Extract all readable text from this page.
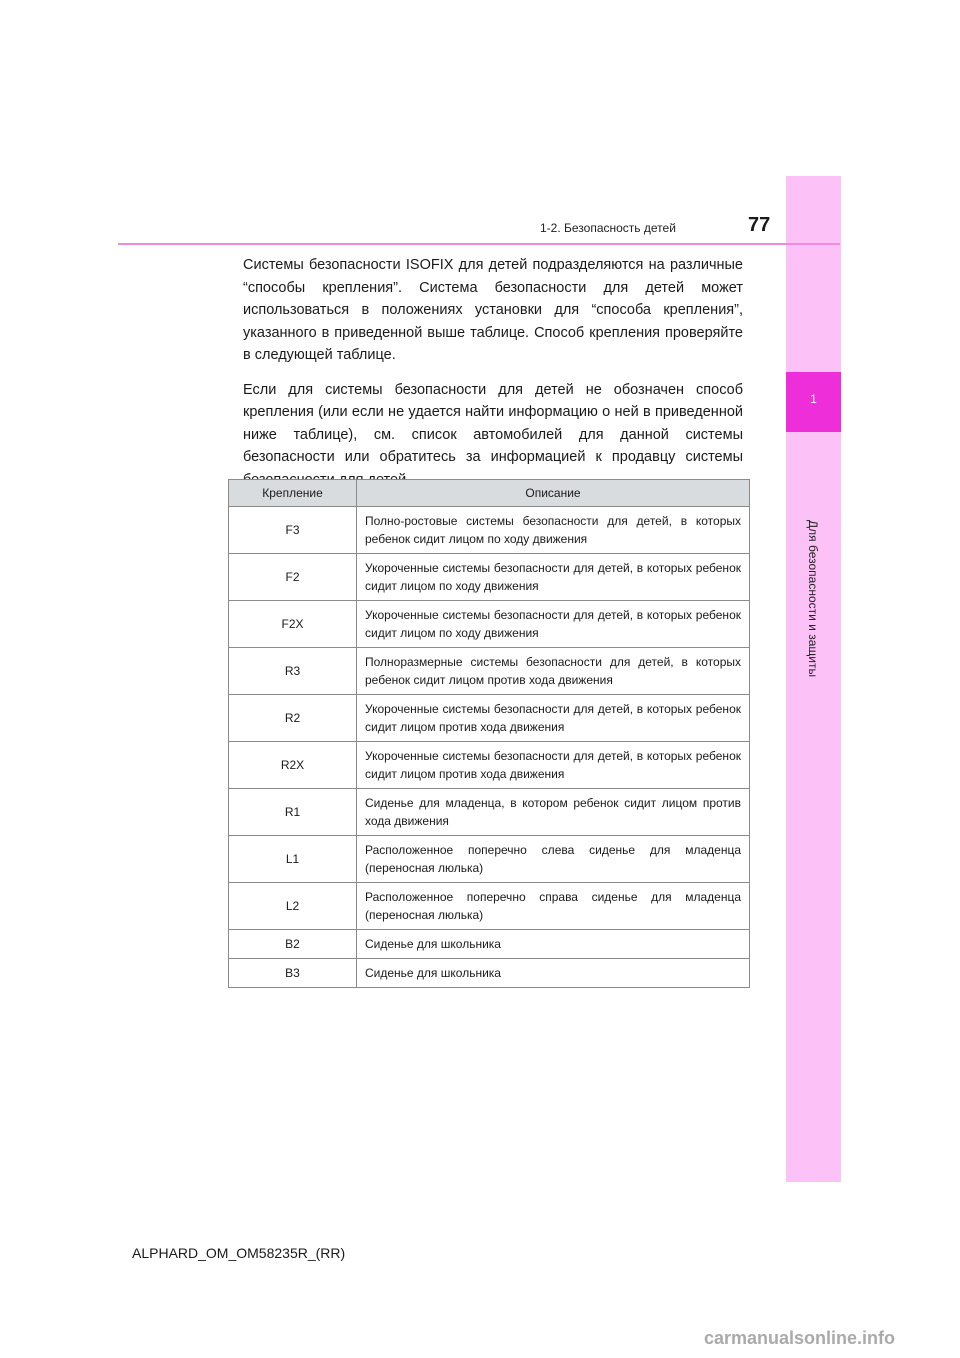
1
Для безопасности и защиты
77
1-2. Безопасность детей

Системы безопасности ISOFIX для детей подразделяются на различные “способы крепления”. Система безопасности для детей может использоваться в положениях установки для “способа крепления”, указанного в приведенной выше таблице. Способ крепления проверяйте в следующей таблице.

Если для системы безопасности для детей не обозначен способ крепления (или если не удается найти информацию о ней в приведенной ниже таблице), см. список автомобилей для данной системы безопасности или обратитесь за информацией к продавцу системы

Крепление	Описание
F3	Полно-ростовые системы безопасности для детей, в которых ребенок сидит лицом по ходу движения
F2	Укороченные системы безопасности для детей, в которых ребенок сидит лицом по ходу движения
F2X	Укороченные системы безопасности для детей, в которых ребенок сидит лицом по ходу движения
R3	Полноразмерные системы безопасности для детей, в которых ребенок сидит лицом против хода движения
R2	Укороченные системы безопасности для детей, в которых ребенок сидит лицом против хода движения
R2X	Укороченные системы безопасности для детей, в которых ребенок сидит лицом против хода движения
R1	Сиденье для младенца, в котором ребенок сидит лицом против хода движения
L1	Расположенное поперечно слева сиденье для младенца (переносная люлька)
L2	Расположенное поперечно справа сиденье для младенца (переносная люлька)
B2	Сиденье для школьника
B3	Сиденье для школьника
ALPHARD_OM_OM58235R_(RR)
carmanualsonline.info
